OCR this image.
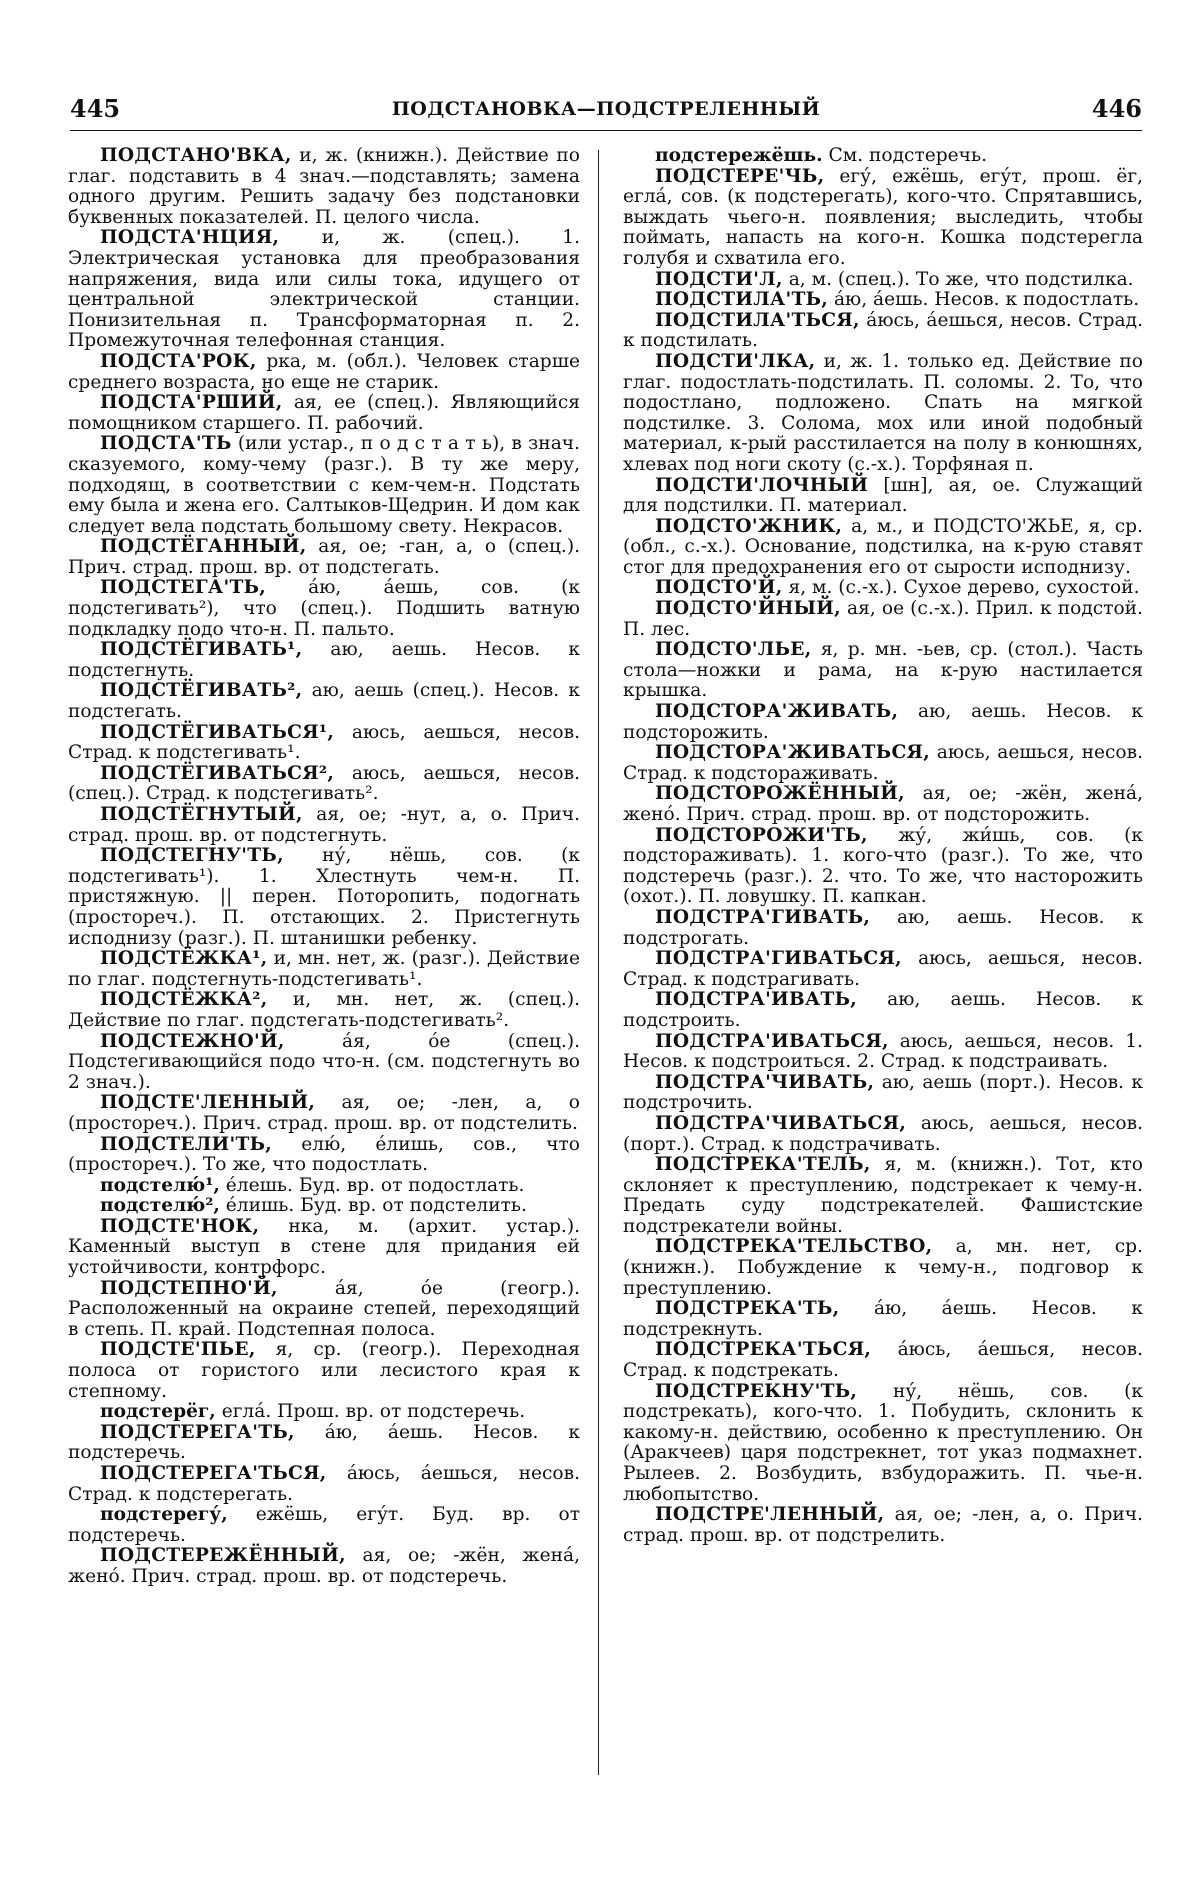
445	ПОДСТАНОВКА—ПОДСТРЕЛЕННЫЙ	446

ПОДСТАНО'ВКА, и, ж. (книжн.). Действие по глаг. подставить в 4 знач.—подставлять; замена одного другим. Решить задачу без подстановки буквенных показателей. П. целого числа.

ПОДСТА'НЦИЯ, и, ж. (спец.). 1. Электрическая установка для преобразования напряжения, вида или силы тока, идущего от центральной электрической станции. Понизительная п. Трансформаторная п. 2. Промежуточная телефонная станция.

ПОДСТА'РОК, рка, м. (обл.). Человек старше среднего возраста, но еще не старик.

ПОДСТА'РШИЙ, ая, ее (спец.). Являющийся помощником старшего. П. рабочий.

ПОДСТА'ТЬ (или устар., п о д с т а т ь), в знач. сказуемого, кому-чему (разг.). В ту же меру, подходящ, в соответствии с кем-чем-н. Подстать ему была и жена его. Салтыков-Щедрин. И дом как следует вела подстать большому свету. Некрасов.

ПОДСТЁГАННЫЙ, ая, ое; -ган, а, о (спец.). Прич. страд. прош. вр. от подстегать.

ПОДСТЕГА'ТЬ, а́ю, а́ешь, сов. (к подстегивать²), что (спец.). Подшить ватную подкладку подо что-н. П. пальто.

ПОДСТЁГИВАТЬ¹, аю, аешь. Несов. к подстегнуть.

ПОДСТЁГИВАТЬ², аю, аешь (спец.). Несов. к подстегать.

ПОДСТЁГИВАТЬСЯ¹, аюсь, аешься, несов. Страд. к подстегивать¹.

ПОДСТЁГИВАТЬСЯ², аюсь, аешься, несов. (спец.). Страд. к подстегивать².

ПОДСТЁГНУТЫЙ, ая, ое; -нут, а, о. Прич. страд. прош. вр. от подстегнуть.

ПОДСТЕГНУ'ТЬ, ну́, нёшь, сов. (к подстегивать¹). 1. Хлестнуть чем-н. П. пристяжную. || перен. Поторопить, подогнать (простореч.). П. отстающих. 2. Пристегнуть исподнизу (разг.). П. штанишки ребенку.

ПОДСТЁЖКА¹, и, мн. нет, ж. (разг.). Действие по глаг. подстегнуть-подстегивать¹.

ПОДСТЁЖКА², и, мн. нет, ж. (спец.). Действие по глаг. подстегать-подстегивать².

ПОДСТЕЖНО'Й, а́я, о́е (спец.). Подстегивающийся подо что-н. (см. подстегнуть во 2 знач.).

ПОДСТЕ'ЛЕННЫЙ, ая, ое; -лен, а, о (простореч.). Прич. страд. прош. вр. от подстелить.

ПОДСТЕЛИ'ТЬ, елю́, е́лишь, сов., что (простореч.). То же, что подостлать.

подстелю́¹, е́лешь. Буд. вр. от подостлать.

подстелю́², е́лишь. Буд. вр. от подстелить.

ПОДСТЕ'НОК, нка, м. (архит. устар.). Каменный выступ в стене для придания ей устойчивости, контрфорс.

ПОДСТЕПНО'Й, а́я, о́е (геогр.). Расположенный на окраине степей, переходящий в степь. П. край. Подстепная полоса.

ПОДСТЕ'ПЬЕ, я, ср. (геогр.). Переходная полоса от гористого или лесистого края к степному.

подстерёг, егла́. Прош. вр. от подстеречь.

ПОДСТЕРЕГА'ТЬ, а́ю, а́ешь. Несов. к подстеречь.

ПОДСТЕРЕГА'ТЬСЯ, а́юсь, а́ешься, несов. Страд. к подстерегать.

подстерегу́, ежёшь, егу́т. Буд. вр. от подстеречь.

ПОДСТЕРЕЖЁННЫЙ, ая, ое; -жён, жена́, жено́. Прич. страд. прош. вр. от подстеречь.

подстережёшь. См. подстеречь.

ПОДСТЕРЕ'ЧЬ, егу́, ежёшь, егу́т, прош. ёг, егла́, сов. (к подстерегать), кого-что. Спрятавшись, выждать чьего-н. появления; выследить, чтобы поймать, напасть на кого-н. Кошка подстерегла голубя и схватила его.

ПОДСТИ'Л, а, м. (спец.). То же, что подстилка.

ПОДСТИЛА'ТЬ, а́ю, а́ешь. Несов. к подостлать.

ПОДСТИЛА'ТЬСЯ, а́юсь, а́ешься, несов. Страд. к подстилать.

ПОДСТИ'ЛКА, и, ж. 1. только ед. Действие по глаг. подостлать-подстилать. П. соломы. 2. То, что подостлано, подложено. Спать на мягкой подстилке. 3. Солома, мох или иной подобный материал, к-рый расстилается на полу в конюшнях, хлевах под ноги скоту (с.-х.). Торфяная п.

ПОДСТИ'ЛОЧНЫЙ [шн], ая, ое. Служащий для подстилки. П. материал.

ПОДСТО'ЖНИК, а, м., и ПОДСТО'ЖЬЕ, я, ср. (обл., с.-х.). Основание, подстилка, на к-рую ставят стог для предохранения его от сырости исподнизу.

ПОДСТО'Й, я, м. (с.-х.). Сухое дерево, сухостой.

ПОДСТО'ЙНЫЙ, ая, ое (с.-х.). Прил. к подстой. П. лес.

ПОДСТО'ЛЬЕ, я, р. мн. -ьев, ср. (стол.). Часть стола—ножки и рама, на к-рую настилается крышка.

ПОДСТОРА'ЖИВАТЬ, аю, аешь. Несов. к подсторожить.

ПОДСТОРА'ЖИВАТЬСЯ, аюсь, аешься, несов. Страд. к подстораживать.

ПОДСТОРОЖЁННЫЙ, ая, ое; -жён, жена́, жено́. Прич. страд. прош. вр. от подсторожить.

ПОДСТОРОЖИ'ТЬ, жу́, жи́шь, сов. (к подстораживать). 1. кого-что (разг.). То же, что подстеречь (разг.). 2. что. То же, что насторожить (охот.). П. ловушку. П. капкан.

ПОДСТРА'ГИВАТЬ, аю, аешь. Несов. к подстрогать.

ПОДСТРА'ГИВАТЬСЯ, аюсь, аешься, несов. Страд. к подстрагивать.

ПОДСТРА'ИВАТЬ, аю, аешь. Несов. к подстроить.

ПОДСТРА'ИВАТЬСЯ, аюсь, аешься, несов. 1. Несов. к подстроиться. 2. Страд. к подстраивать.

ПОДСТРА'ЧИВАТЬ, аю, аешь (порт.). Несов. к подстрочить.

ПОДСТРА'ЧИВАТЬСЯ, аюсь, аешься, несов. (порт.). Страд. к подстрачивать.

ПОДСТРЕКА'ТЕЛЬ, я, м. (книжн.). Тот, кто склоняет к преступлению, подстрекает к чему-н. Предать суду подстрекателей. Фашистские подстрекатели войны.

ПОДСТРЕКА'ТЕЛЬСТВО, а, мн. нет, ср. (книжн.). Побуждение к чему-н., подговор к преступлению.

ПОДСТРЕКА'ТЬ, а́ю, а́ешь. Несов. к подстрекнуть.

ПОДСТРЕКА'ТЬСЯ, а́юсь, а́ешься, несов. Страд. к подстрекать.

ПОДСТРЕКНУ'ТЬ, ну́, нёшь, сов. (к подстрекать), кого-что. 1. Побудить, склонить к какому-н. действию, особенно к преступлению. Он (Аракчеев) царя подстрекнет, тот указ подмахнет. Рылеев. 2. Возбудить, взбудоражить. П. чье-н. любопытство.

ПОДСТРЕ'ЛЕННЫЙ, ая, ое; -лен, а, о. Прич. страд. прош. вр. от подстрелить.
